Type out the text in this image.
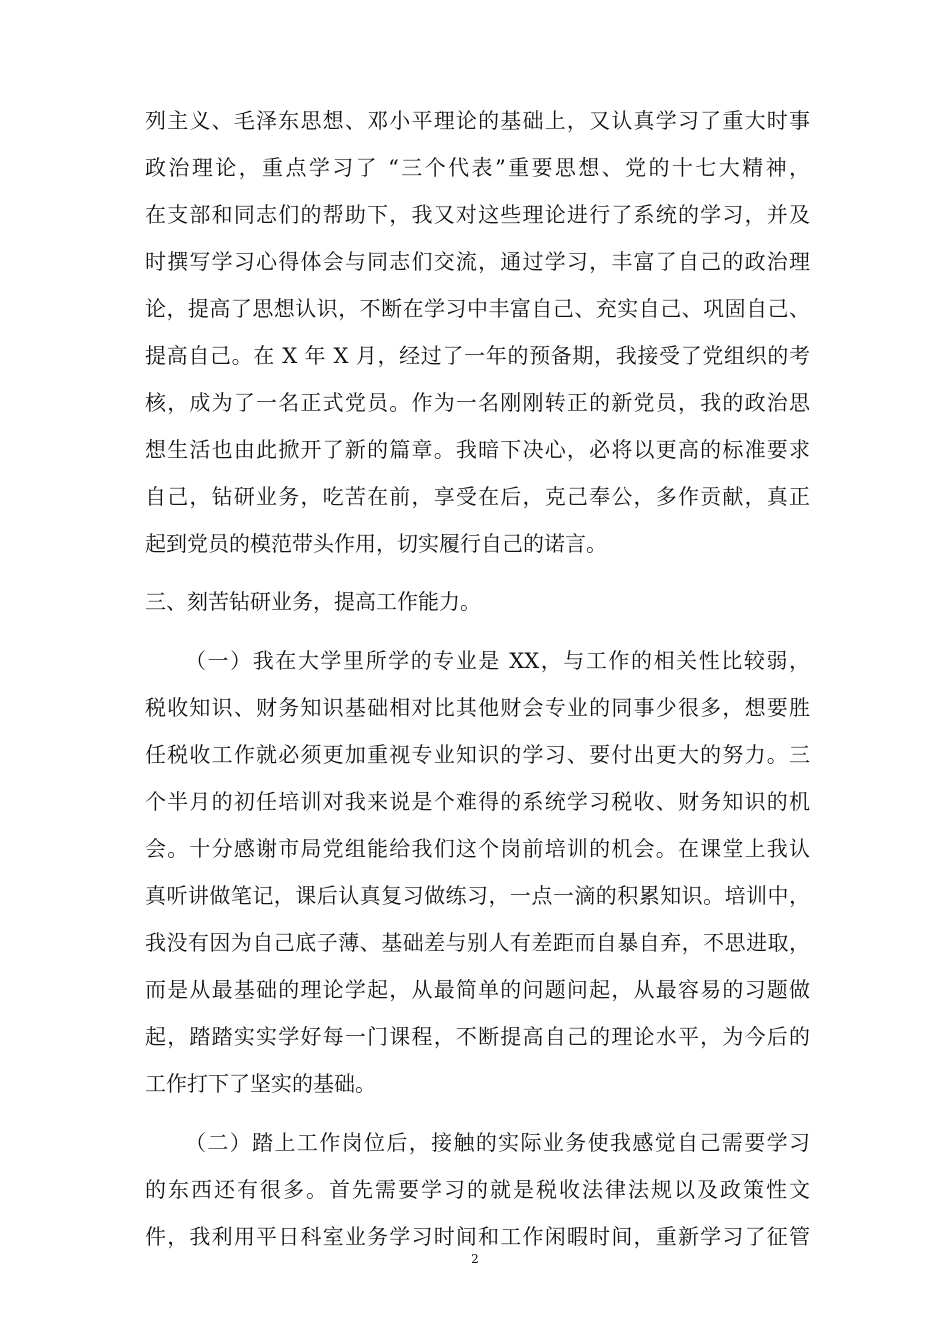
列主义、毛泽东思想、邓小平理论的基础上，又认真学习了重大时事
政治理论，重点学习了 “三个代表”重要思想、党的十七大精神，
在支部和同志们的帮助下，我又对这些理论进行了系统的学习，并及
时撰写学习心得体会与同志们交流，通过学习，丰富了自己的政治理
论，提高了思想认识，不断在学习中丰富自己、充实自己、巩固自己、
提高自己。在 X 年 X 月，经过了一年的预备期，我接受了党组织的考
核，成为了一名正式党员。作为一名刚刚转正的新党员，我的政治思
想生活也由此掀开了新的篇章。我暗下决心，必将以更高的标准要求
自己，钻研业务，吃苦在前，享受在后，克己奉公，多作贡献，真正
起到党员的模范带头作用，切实履行自己的诺言。
三、刻苦钻研业务，提高工作能力。
（一）我在大学里所学的专业是 XX，与工作的相关性比较弱，
税收知识、财务知识基础相对比其他财会专业的同事少很多，想要胜
任税收工作就必须更加重视专业知识的学习、要付出更大的努力。三
个半月的初任培训对我来说是个难得的系统学习税收、财务知识的机
会。十分感谢市局党组能给我们这个岗前培训的机会。在课堂上我认
真听讲做笔记，课后认真复习做练习，一点一滴的积累知识。培训中，
我没有因为自己底子薄、基础差与别人有差距而自暴自弃，不思进取，
而是从最基础的理论学起，从最简单的问题问起，从最容易的习题做
起，踏踏实实学好每一门课程，不断提高自己的理论水平，为今后的
工作打下了坚实的基础。
（二）踏上工作岗位后，接触的实际业务使我感觉自己需要学习
的东西还有很多。首先需要学习的就是税收法律法规以及政策性文
件，我利用平日科室业务学习时间和工作闲暇时间，重新学习了征管
2
